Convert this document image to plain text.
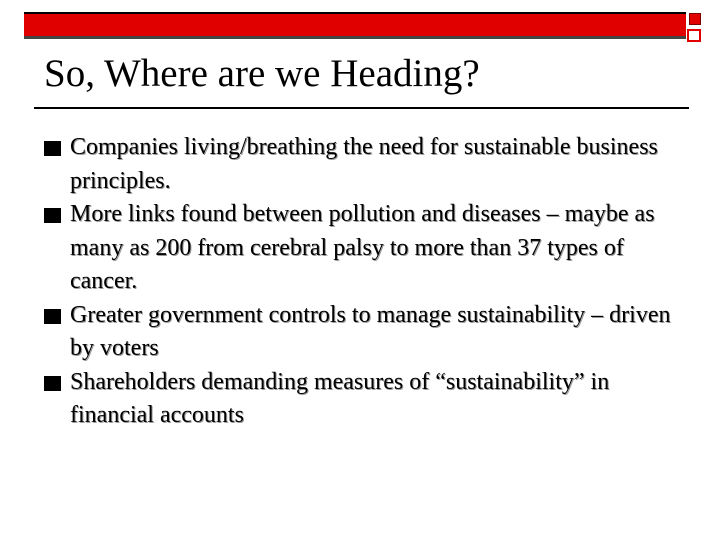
So, Where are we Heading?
Companies living/breathing the need for sustainable business principles.
More links found between pollution and diseases – maybe as many as 200 from cerebral palsy to more than 37 types of cancer.
Greater government controls to manage sustainability – driven by voters
Shareholders demanding measures of “sustainability” in financial accounts
